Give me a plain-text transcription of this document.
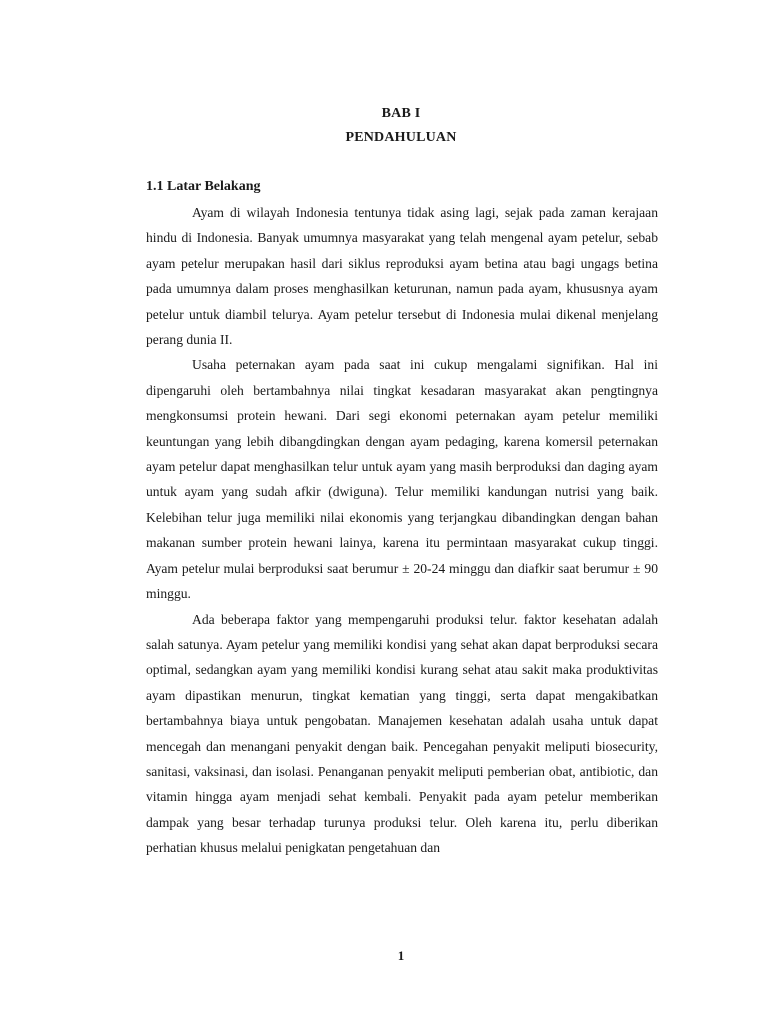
BAB I
PENDAHULUAN
1.1 Latar Belakang

Ayam di wilayah Indonesia tentunya tidak asing lagi, sejak pada zaman kerajaan hindu di Indonesia. Banyak umumnya masyarakat yang telah mengenal ayam petelur, sebab ayam petelur merupakan hasil dari siklus reproduksi ayam betina atau bagi ungags betina pada umumnya dalam proses menghasilkan keturunan, namun pada ayam, khususnya ayam petelur untuk diambil telurya. Ayam petelur tersebut di Indonesia mulai dikenal menjelang perang dunia II.

Usaha peternakan ayam pada saat ini cukup mengalami signifikan. Hal ini dipengaruhi oleh bertambahnya nilai tingkat kesadaran masyarakat akan pengtingnya mengkonsumsi protein hewani. Dari segi ekonomi peternakan ayam petelur memiliki keuntungan yang lebih dibangdingkan dengan ayam pedaging, karena komersil peternakan ayam petelur dapat menghasilkan telur untuk ayam yang masih berproduksi dan daging ayam untuk ayam yang sudah afkir (dwiguna). Telur memiliki kandungan nutrisi yang baik. Kelebihan telur juga memiliki nilai ekonomis yang terjangkau dibandingkan dengan bahan makanan sumber protein hewani lainya, karena itu permintaan masyarakat cukup tinggi. Ayam petelur mulai berproduksi saat berumur ± 20-24 minggu dan diafkir saat berumur ± 90 minggu.

Ada beberapa faktor yang mempengaruhi produksi telur. faktor kesehatan adalah salah satunya. Ayam petelur yang memiliki kondisi yang sehat akan dapat berproduksi secara optimal, sedangkan ayam yang memiliki kondisi kurang sehat atau sakit maka produktivitas ayam dipastikan menurun, tingkat kematian yang tinggi, serta dapat mengakibatkan bertambahnya biaya untuk pengobatan. Manajemen kesehatan adalah usaha untuk dapat mencegah dan menangani penyakit dengan baik. Pencegahan penyakit meliputi biosecurity, sanitasi, vaksinasi, dan isolasi. Penanganan penyakit meliputi pemberian obat, antibiotic, dan vitamin hingga ayam menjadi sehat kembali. Penyakit pada ayam petelur memberikan dampak yang besar terhadap turunya produksi telur. Oleh karena itu, perlu diberikan perhatian khusus melalui penigkatan pengetahuan dan

1
